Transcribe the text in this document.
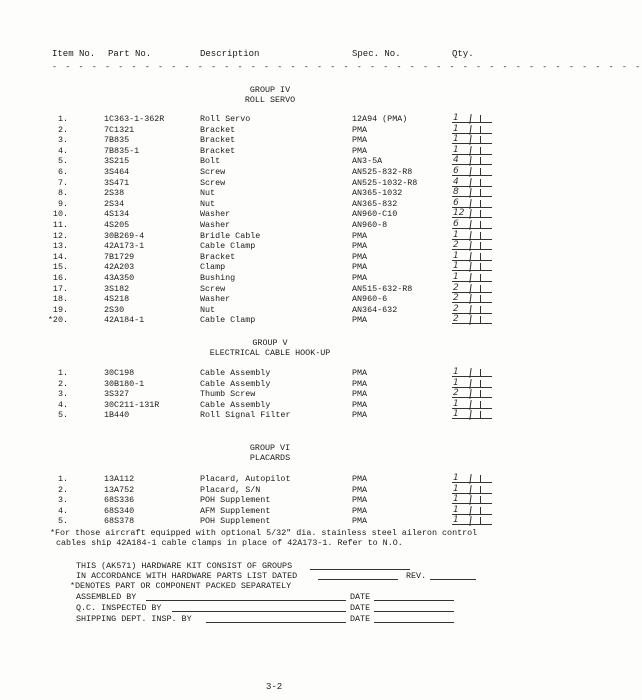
Item No. Part No.	Description	Spec. No.	Qty.
- - - - - - - - - - - - - - - - - - - - - - - - - - - - - - - - - - - - - - - - - - - - -
GROUP IV
ROLL SERVO
1.	1C363-1-362R	Roll Servo	12A94 (PMA)	1
2.	7C1321	Bracket	PMA	1
3.	7B835	Bracket	PMA	1
4.	7B835-1	Bracket	PMA	1
5.	3S215	Bolt	AN3-5A	4
6.	3S464	Screw	AN525-832-R8	6
7.	3S471	Screw	AN525-1032-R8	4
8.	2S38	Nut	AN365-1032	8
9.	2S34	Nut	AN365-832	6
10.	4S134	Washer	AN960-C10	12
11.	4S205	Washer	AN960-8	6
12.	30B269-4	Bridle Cable	PMA	1
13.	42A173-1	Cable Clamp	PMA	2
14.	7B1729	Bracket	PMA	1
15.	42A203	Clamp	PMA	1
16.	43A350	Bushing	PMA	1
17.	3S182	Screw	AN515-632-R8	2
18.	4S218	Washer	AN960-6	2
19.	2S30	Nut	AN364-632	2
*20.	42A184-1	Cable Clamp	PMA	2
GROUP V
ELECTRICAL CABLE HOOK-UP
1.	30C198	Cable Assembly	PMA	1
2.	30B180-1	Cable Assembly	PMA	1
3.	3S327	Thumb Screw	PMA	2
4.	30C211-131R	Cable Assembly	PMA	1
5.	1B440	Roll Signal Filter	PMA	1
GROUP VI
PLACARDS
1.	13A112	Placard, Autopilot	PMA	1
2.	13A752	Placard, S/N	PMA	1
3.	68S336	POH Supplement	PMA	1
4.	68S340	AFM Supplement	PMA	1
5.	68S378	POH Supplement	PMA	1
*For those aircraft equipped with optional 5/32" dia. stainless steel aileron control
cables ship 42A184-1 cable clamps in place of 42A173-1. Refer to N.O.
THIS (AK571) HARDWARE KIT CONSIST OF GROUPS
IN ACCORDANCE WITH HARDWARE PARTS LIST DATED	REV.
*DENOTES PART OR COMPONENT PACKED SEPARATELY
ASSEMBLED BY	DATE
Q.C. INSPECTED BY	DATE
SHIPPING DEPT. INSP. BY	DATE
3-2
